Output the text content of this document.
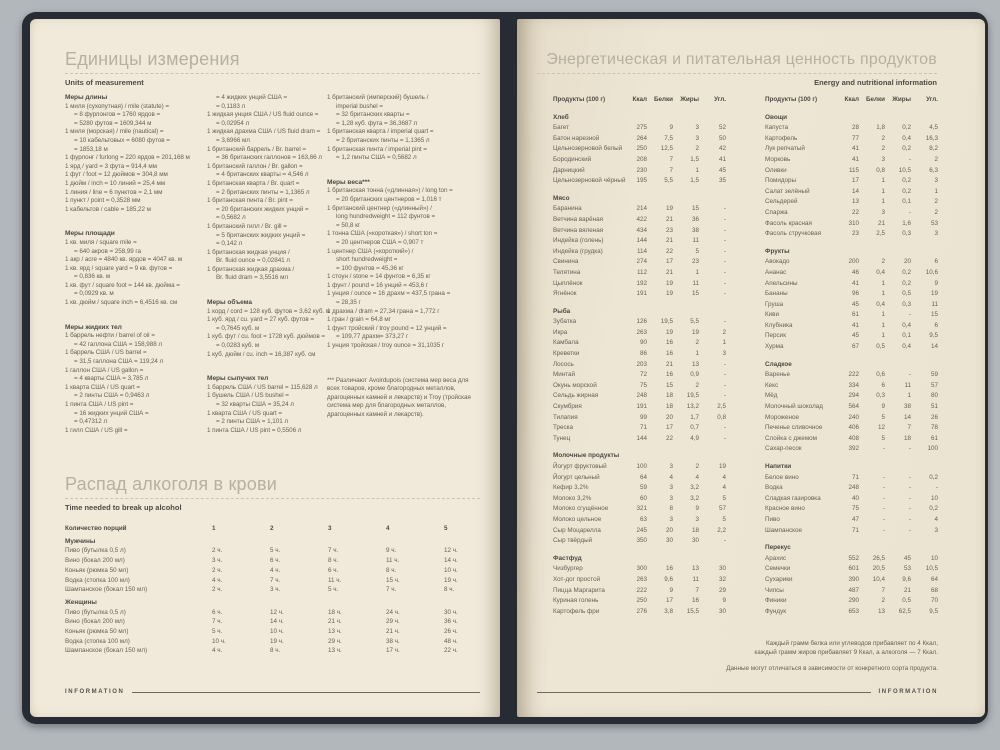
Единицы измерения
Units of measurement
Меры длины
1 миля (сухопутная) / mile (statute) =
= 8 фурлонгов = 1760 ярдов =
= 5280 футов = 1609,344 м
1 миля (морская) / mile (nautical) =
= 10 кабельтовых = 6080 футов =
= 1853,18 м
1 фурлонг / furlong = 220 ярдов = 201,168 м
1 ярд / yard = 3 фута = 914,4 мм
1 фут / foot = 12 дюймов = 304,8 мм
1 дюйм / inch = 10 линий = 25,4 мм
1 линия / line = 6 пунктов = 2,1 мм
1 пункт / point = 0,3528 мм
1 кабельтов / cable = 185,22 м
Меры площади
1 кв. миля / square mile =
= 640 акров = 258,99 га
1 акр / acre = 4840 кв. ярдов = 4047 кв. м
1 кв. ярд / square yard = 9 кв. футов =
= 0,836 кв. м
1 кв. фут / square foot = 144 кв. дюйма =
= 0,0929 кв. м
1 кв. дюйм / square inch = 6,4516 кв. см
Меры жидких тел
1 баррель нефти / barrel of oil =
= 42 галлона США = 158,988 л
1 баррель США / US barrel =
= 31,5 галлона США = 119,24 л
1 галлон США / US gallon =
= 4 кварты США = 3,785 л
1 кварта США / US quart =
= 2 пинты США = 0,9463 л
1 пинта США / US pint =
= 16 жидких унций США =
= 0,47312 л
1 гилл США / US gill =
= 4 жидких унций США =
= 0,1183 л
1 жидкая унция США / US fluid ounce =
= 0,02954 л
1 жидкая драхма США / US fluid dram =
= 3,6966 мл
1 британский баррель / Br. barrel =
= 36 британских галлонов = 163,66 л
1 британский галлон / Br. gallon =
= 4 британских кварты = 4,546 л
1 британская кварта / Br. quart =
= 2 британских пинты = 1,1365 л
1 британская пинта / Br. pint =
= 20 британских жидких унций =
= 0,5682 л
1 британский гилл / Br. gill =
= 5 британских жидких унций =
= 0,142 л
1 британская жидкая унция /
Br. fluid ounce = 0,02841 л
1 британская жидкая драхма /
Br. fluid dram = 3,5516 мл
Меры объема
1 корд / cord = 128 куб. футов = 3,62 куб. м
1 куб. ярд / cu. yard = 27 куб. футов =
= 0,7645 куб. м
1 куб. фут / cu. foot = 1728 куб. дюймов =
= 0,0283 куб. м
1 куб. дюйм / cu. inch = 16,387 куб. см
Меры сыпучих тел
1 баррель США / US barrel = 115,628 л
1 бушель США / US bushel =
= 32 кварты США = 35,24 л
1 кварта США / US quart =
= 2 пинты США = 1,101 л
1 пинта США / US pint = 0,5506 л
1 британский (имперский) бушель /
imperial bushel =
= 32 британских кварты =
= 1,28 куб. фута = 36,3687 л
1 британская кварта / imperial quart =
= 2 британских пинты = 1,1365 л
1 британская пинта / imperial pint =
= 1,2 пинты США = 0,5682 л
Меры веса***
1 британская тонна («длинная») / long ton =
= 20 британских центнеров = 1,016 т
1 британский центнер («длинный») /
long hundredweight = 112 фунтов =
= 50,8 кг
1 тонна США («короткая») / short ton =
= 20 центнеров США = 0,907 т
1 центнер США («короткий») /
short hundredweight =
= 100 фунтов = 45,36 кг
1 стоун / stone = 14 фунтов = 6,35 кг
1 фунт / pound = 16 унций = 453,6 г
1 унция / ounce = 16 драхм = 437,5 грана =
= 28,35 г
1 драхма / dram = 27,34 грана = 1,772 г
1 гран / grain = 64,8 мг
1 фунт тройский / troy pound = 12 унций =
= 109,77 драхм= 373,27 г
1 унция тройская / troy ounce = 31,1035 г
*** Различают Avoirdupois (система мер веса для всех товаров, кроме благородных металлов, драгоценных камней и лекарств) и Troy (тройская система мер для благородных металлов, драгоценных камней и лекарств).
Распад алкоголя в крови
Time needed to break up alcohol
Количество порций	1	2	3	4	5
Мужчины
Пиво (бутылка 0,5 л)	2 ч.	5 ч.	7 ч.	9 ч.	12 ч.
Вино (бокал 200 мл)	3 ч.	6 ч.	8 ч.	11 ч.	14 ч.
Коньяк (рюмка 50 мл)	2 ч.	4 ч.	6 ч.	8 ч.	10 ч.
Водка (стопка 100 мл)	4 ч.	7 ч.	11 ч.	15 ч.	19 ч.
Шампанское (бокал 150 мл)	2 ч.	3 ч.	5 ч.	7 ч.	8 ч.
Женщины
Пиво (бутылка 0,5 л)	6 ч.	12 ч.	18 ч.	24 ч.	30 ч.
Вино (бокал 200 мл)	7 ч.	14 ч.	21 ч.	29 ч.	36 ч.
Коньяк (рюмка 50 мл)	5 ч.	10 ч.	13 ч.	21 ч.	26 ч.
Водка (стопка 100 мл)	10 ч.	19 ч.	29 ч.	38 ч.	48 ч.
Шампанское (бокал 150 мл)	4 ч.	8 ч.	13 ч.	17 ч.	22 ч.
INFORMATION
Энергетическая и питательная ценность продуктов
Energy and nutritional information
Продукты (100 г)	Ккал	Белки	Жиры	Угл.
Хлеб
Багет	275	9	3	52
Батон нарезной	264	7,5	3	50
Цельнозерновой белый	250	12,5	2	42
Бородинский	208	7	1,5	41
Дарницкий	230	7	1	45
Цельнозерновой чёрный	195	5,5	1,5	35
Мясо
Баранина	214	19	15	-
Ветчина варёная	422	21	36	-
Ветчина вяленая	434	23	38	-
Индейка (голень)	144	21	11	-
Индейка (грудка)	114	22	5	-
Свинина	274	17	23	-
Телятина	112	21	1	-
Цыплёнок	192	19	11	-
Ягнёнок	191	19	15	-
Рыба
Зубатка	126	19,5	5,5	-
Икра	263	19	19	2
Камбала	90	16	2	1
Креветки	86	16	1	3
Лосось	203	21	13	-
Минтай	72	16	0,9	-
Окунь морской	75	15	2	-
Сельдь жирная	248	18	19,5	-
Скумбрия	191	18	13,2	2,5
Тилапия	99	20	1,7	0,8
Треска	71	17	0,7	-
Тунец	144	22	4,9	-
Молочные продукты
Йогурт фруктовый	100	3	2	19
Йогурт цельный	64	4	4	4
Кефир 3,2%	59	3	3,2	4
Молоко 3,2%	60	3	3,2	5
Молоко сгущённое	321	8	9	57
Молоко цельное	63	3	3	5
Сыр Моцарелла	245	20	18	2,2
Сыр твёрдый	350	30	30	-
Фастфуд
Чизбургер	300	16	13	30
Хот-дог простой	263	9,6	11	32
Пицца Маргарита	222	9	7	29
Куриная голень	250	17	16	9
Картофель фри	276	3,8	15,5	30
Продукты (100 г)	Ккал	Белки	Жиры	Угл.
Овощи
Капуста	28	1,8	0,2	4,5
Картофель	77	2	0,4	16,3
Лук репчатый	41	2	0,2	8,2
Морковь	41	3	-	2
Оливки	115	0,8	10,5	6,3
Помидоры	17	1	0,2	3
Салат зелёный	14	1	0,2	1
Сельдерей	13	1	0,1	2
Спаржа	22	3	-	2
Фасоль красная	310	21	1,6	53
Фасоль стручковая	23	2,5	0,3	3
Фрукты
Авокадо	200	2	20	6
Ананас	46	0,4	0,2	10,6
Апельсины	41	1	0,2	9
Бананы	96	1	0,5	19
Груша	45	0,4	0,3	11
Киви	61	1	-	15
Клубника	41	1	0,4	6
Персик	45	1	0,1	9,5
Хурма	67	0,5	0,4	14
Сладкое
Варенье	222	0,6	-	59
Кекс	334	6	11	57
Мёд	294	0,3	1	80
Молочный шоколад	564	9	38	51
Мороженое	240	5	14	26
Печенье сливочное	406	12	7	78
Слойка с джемом	408	5	18	61
Сахар-песок	392	-	-	100
Напитки
Белое вино	71	-	-	0,2
Водка	248	-	-	-
Сладкая газировка	40	-	-	10
Красное вино	75	-	-	0,2
Пиво	47	-	-	4
Шампанское	71	-	-	3
Перекус
Арахис	552	26,5	45	10
Семечки	601	20,5	53	10,5
Сухарики	390	10,4	9,6	64
Чипсы	487	7	21	68
Финики	290	2	0,5	70
Фундук	653	13	62,5	9,5
Каждый грамм белка или углеводов прибавляет по 4 Ккал, каждый грамм жиров прибавляет 9 Ккал, а алкоголя — 7 Ккал.
Данные могут отличаться в зависимости от конкретного сорта продукта.
INFORMATION
